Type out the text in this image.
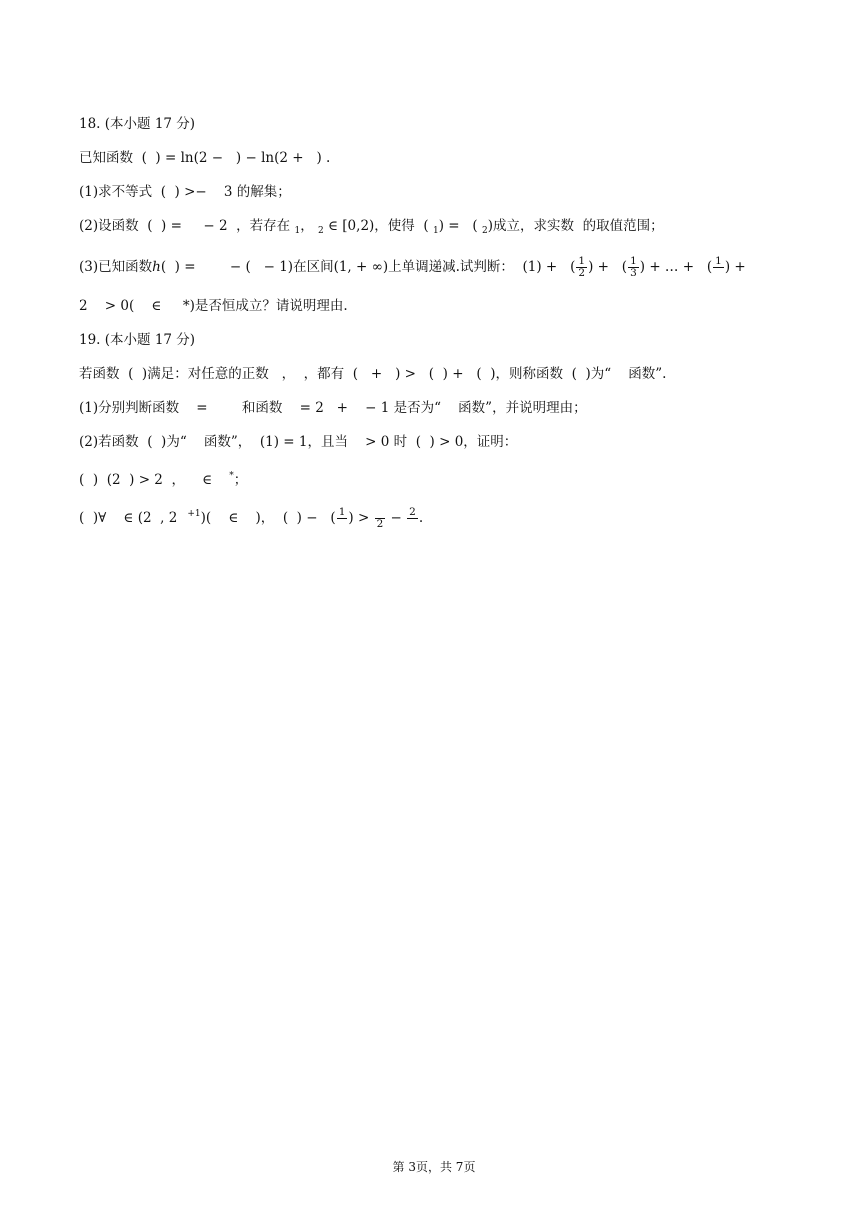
18. (本小题 17 分)
已知函数  (  ) = ln(2 −   ) − ln(2 +   ) .
(1)求不等式  (  ) >−    3 的解集；
(2)设函数  (  ) =     − 2  ，若存在 $_1$， $_2$ ∈ [0,2)，使得  ( $_1$) =   ( $_2$)成立，求实数  的取值范围；
(3)已知函数ℎ(  ) =        − (   − 1)在区间(1, + ∞)上单调递减.试判断：  (1) +   ( $\frac{1}{2}$ ) +   ( $\frac{1}{3}$ ) + … +   ( 1 ) +
2    > 0(    ∈     *)是否恒成立？请说明理由.
19. (本小题 17 分)
若函数  (  )满足：对任意的正数   ，  ，都有  (   +   ) >   (  ) +   (  )，则称函数  (  )为“    函数”.
(1)分别判断函数    =        和函数    = 2   +    − 1 是否为“    函数”，并说明理由；
(2)若函数  (  )为“    函数”，  (1) = 1，且当    > 0 时  (  ) > 0，证明：
(  )  (2  ) > 2  ，    ∈    *；
(  )∀    ∈ (2  , 2   $^{+1}$)(    ∈    )，  (  ) −   ( 1 ) > 2 − 2 .
第 3页，共 7页
